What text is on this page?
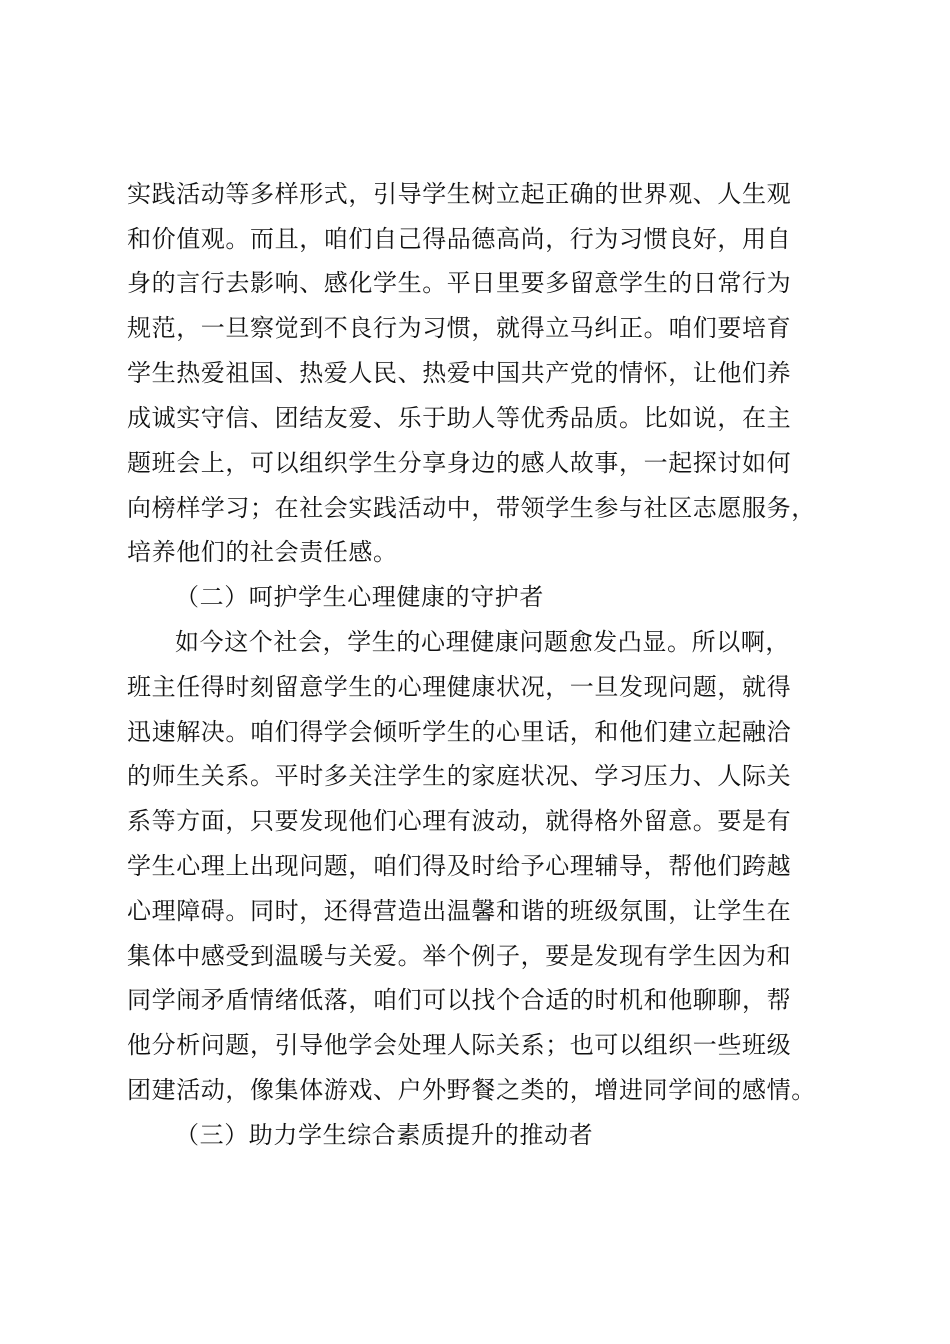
实践活动等多样形式，引导学生树立起正确的世界观、人生观
和价值观。而且，咱们自己得品德高尚，行为习惯良好，用自
身的言行去影响、感化学生。平日里要多留意学生的日常行为
规范，一旦察觉到不良行为习惯，就得立马纠正。咱们要培育
学生热爱祖国、热爱人民、热爱中国共产党的情怀，让他们养
成诚实守信、团结友爱、乐于助人等优秀品质。比如说，在主
题班会上，可以组织学生分享身边的感人故事，一起探讨如何
向榜样学习；在社会实践活动中，带领学生参与社区志愿服务，
培养他们的社会责任感。
（二）呵护学生心理健康的守护者
如今这个社会，学生的心理健康问题愈发凸显。所以啊，
班主任得时刻留意学生的心理健康状况，一旦发现问题，就得
迅速解决。咱们得学会倾听学生的心里话，和他们建立起融洽
的师生关系。平时多关注学生的家庭状况、学习压力、人际关
系等方面，只要发现他们心理有波动，就得格外留意。要是有
学生心理上出现问题，咱们得及时给予心理辅导，帮他们跨越
心理障碍。同时，还得营造出温馨和谐的班级氛围，让学生在
集体中感受到温暖与关爱。举个例子，要是发现有学生因为和
同学闹矛盾情绪低落，咱们可以找个合适的时机和他聊聊，帮
他分析问题，引导他学会处理人际关系；也可以组织一些班级
团建活动，像集体游戏、户外野餐之类的，增进同学间的感情。
（三）助力学生综合素质提升的推动者
